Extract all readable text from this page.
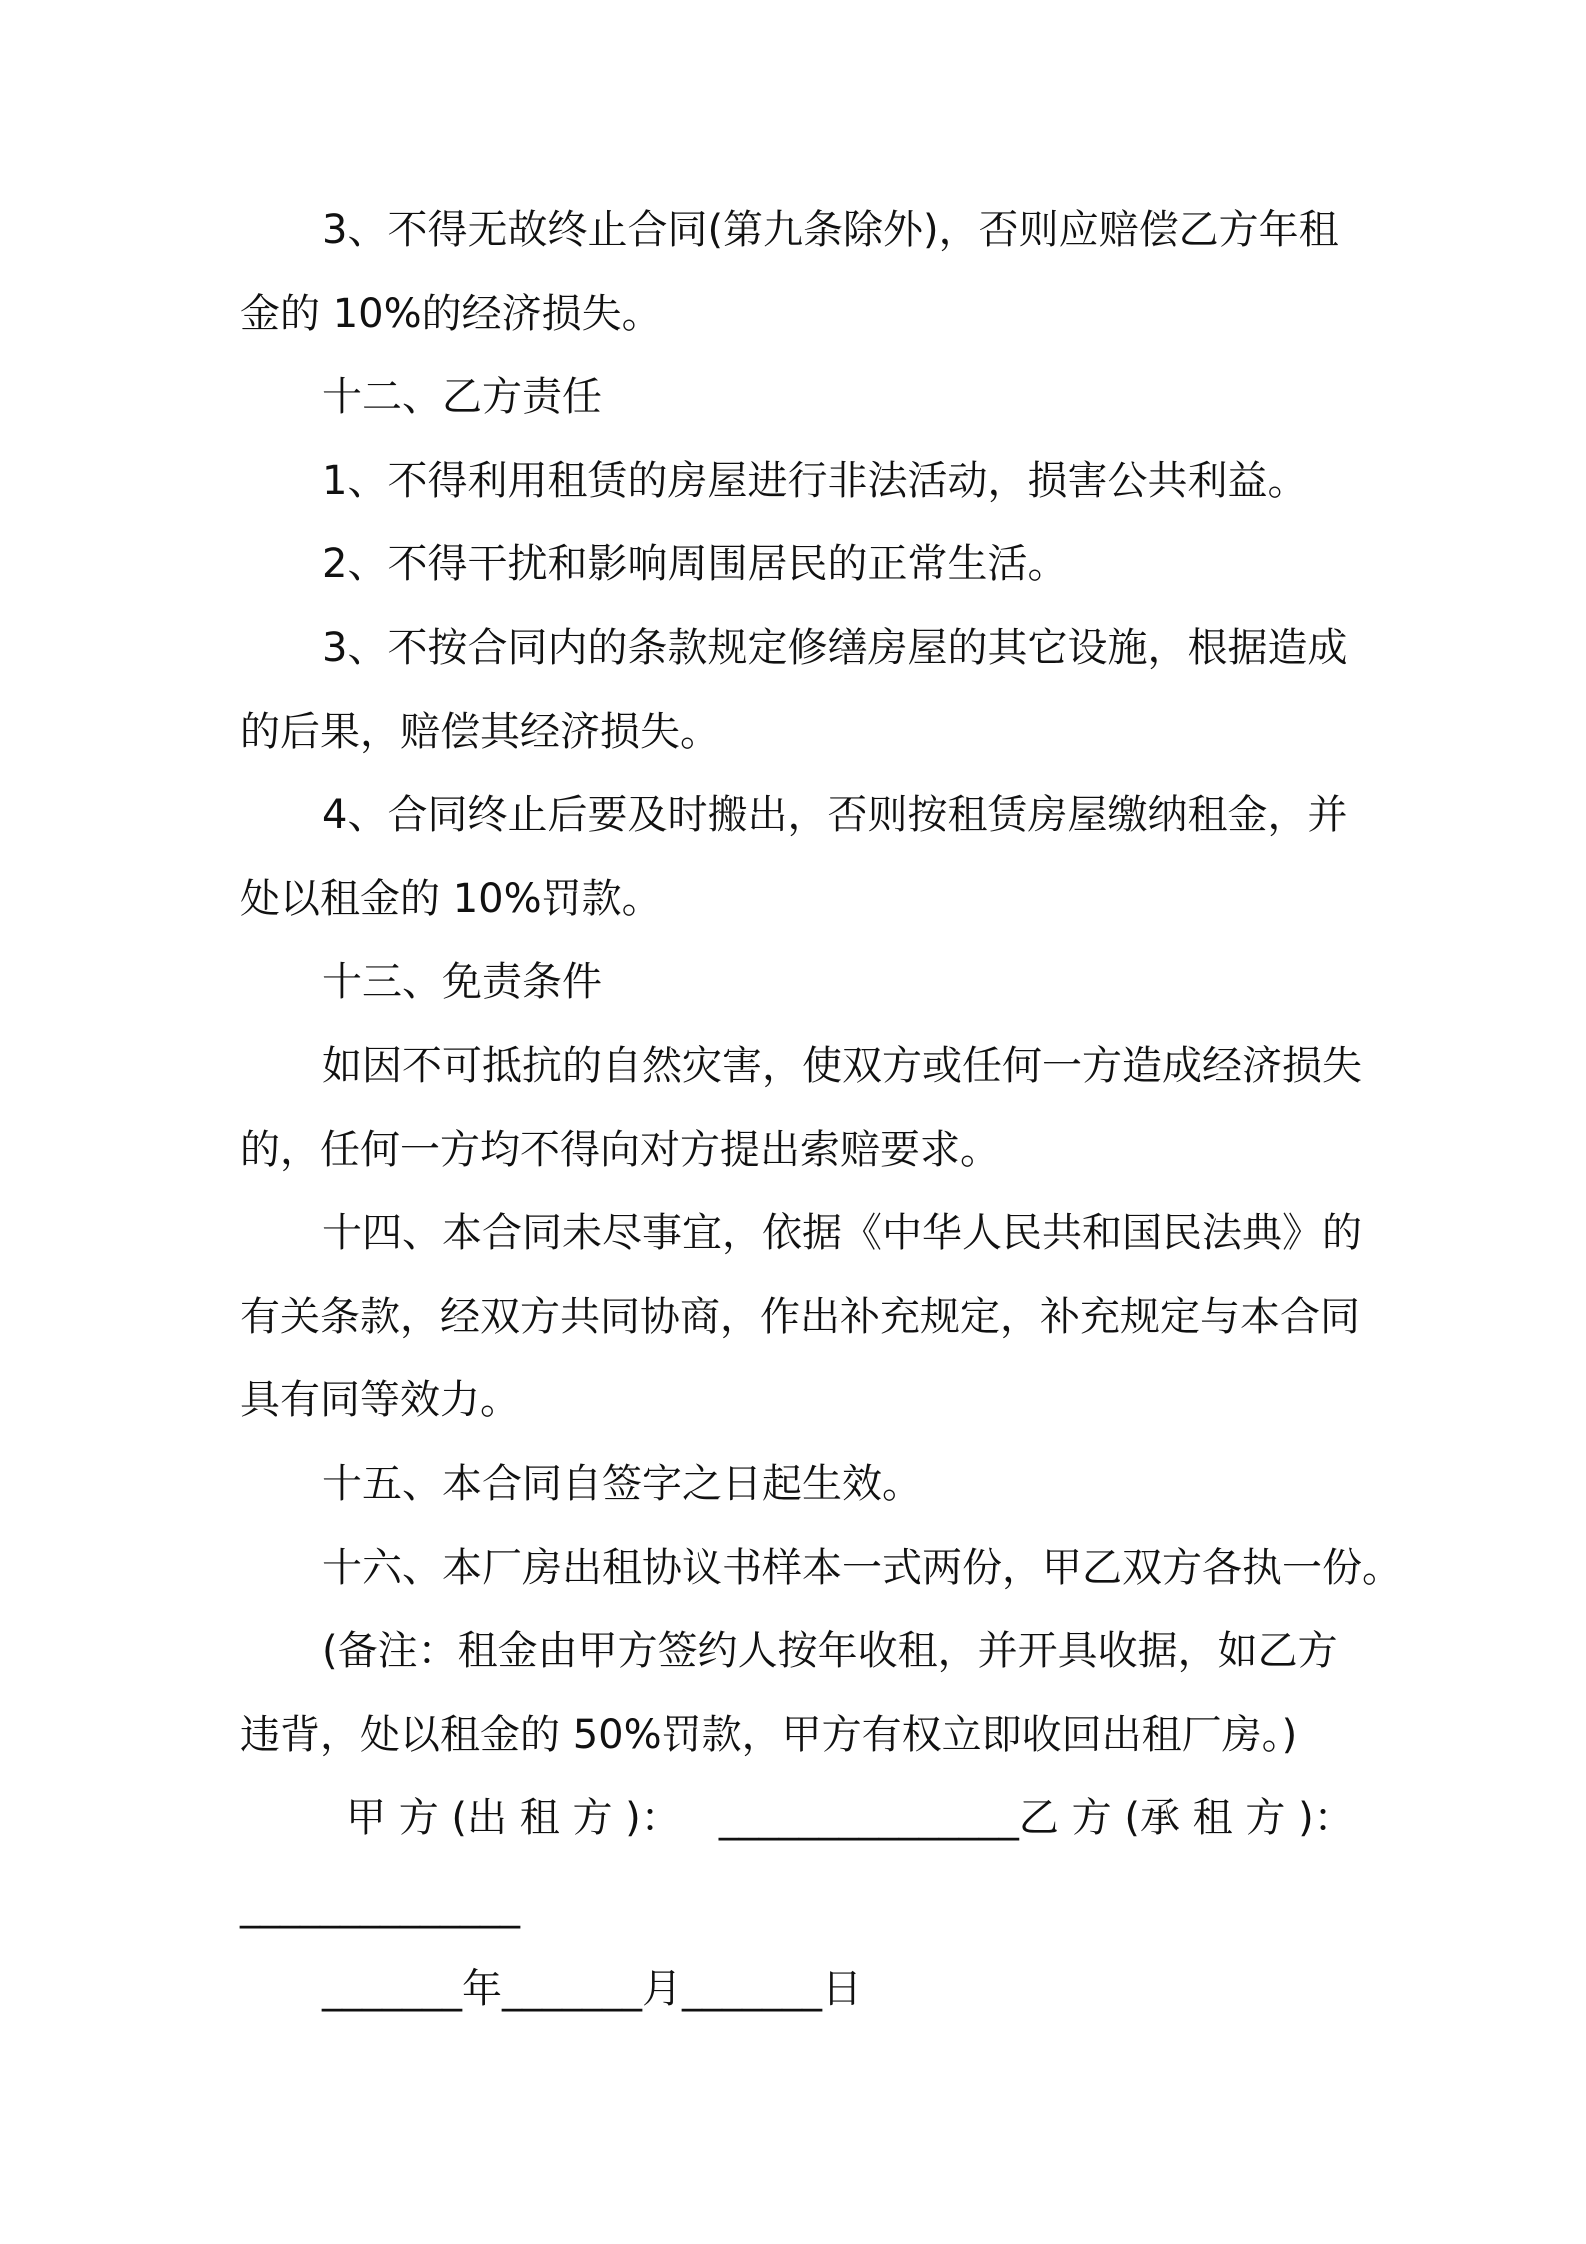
3、不得无故终止合同(第九条除外)，否则应赔偿乙方年租
金的 10%的经济损失。
十二、乙方责任
1、不得利用租赁的房屋进行非法活动，损害公共利益。
2、不得干扰和影响周围居民的正常生活。
3、不按合同内的条款规定修缮房屋的其它设施，根据造成
的后果，赔偿其经济损失。
4、合同终止后要及时搬出，否则按租赁房屋缴纳租金，并
处以租金的 10%罚款。
十三、免责条件
如因不可抵抗的自然灾害，使双方或任何一方造成经济损失
的，任何一方均不得向对方提出索赔要求。
十四、本合同未尽事宜，依据《中华人民共和国民法典》的
有关条款，经双方共同协商，作出补充规定，补充规定与本合同
具有同等效力。
十五、本合同自签字之日起生效。
十六、本厂房出租协议书样本一式两份，甲乙双方各执一份。
(备注：租金由甲方签约人按年收租，并开具收据，如乙方
违背，处以租金的 50%罚款，甲方有权立即收回出租厂房。)
甲 方 (出 租 方 )：   _______________乙 方 (承 租 方 )：
______________
_______年_______月_______日
